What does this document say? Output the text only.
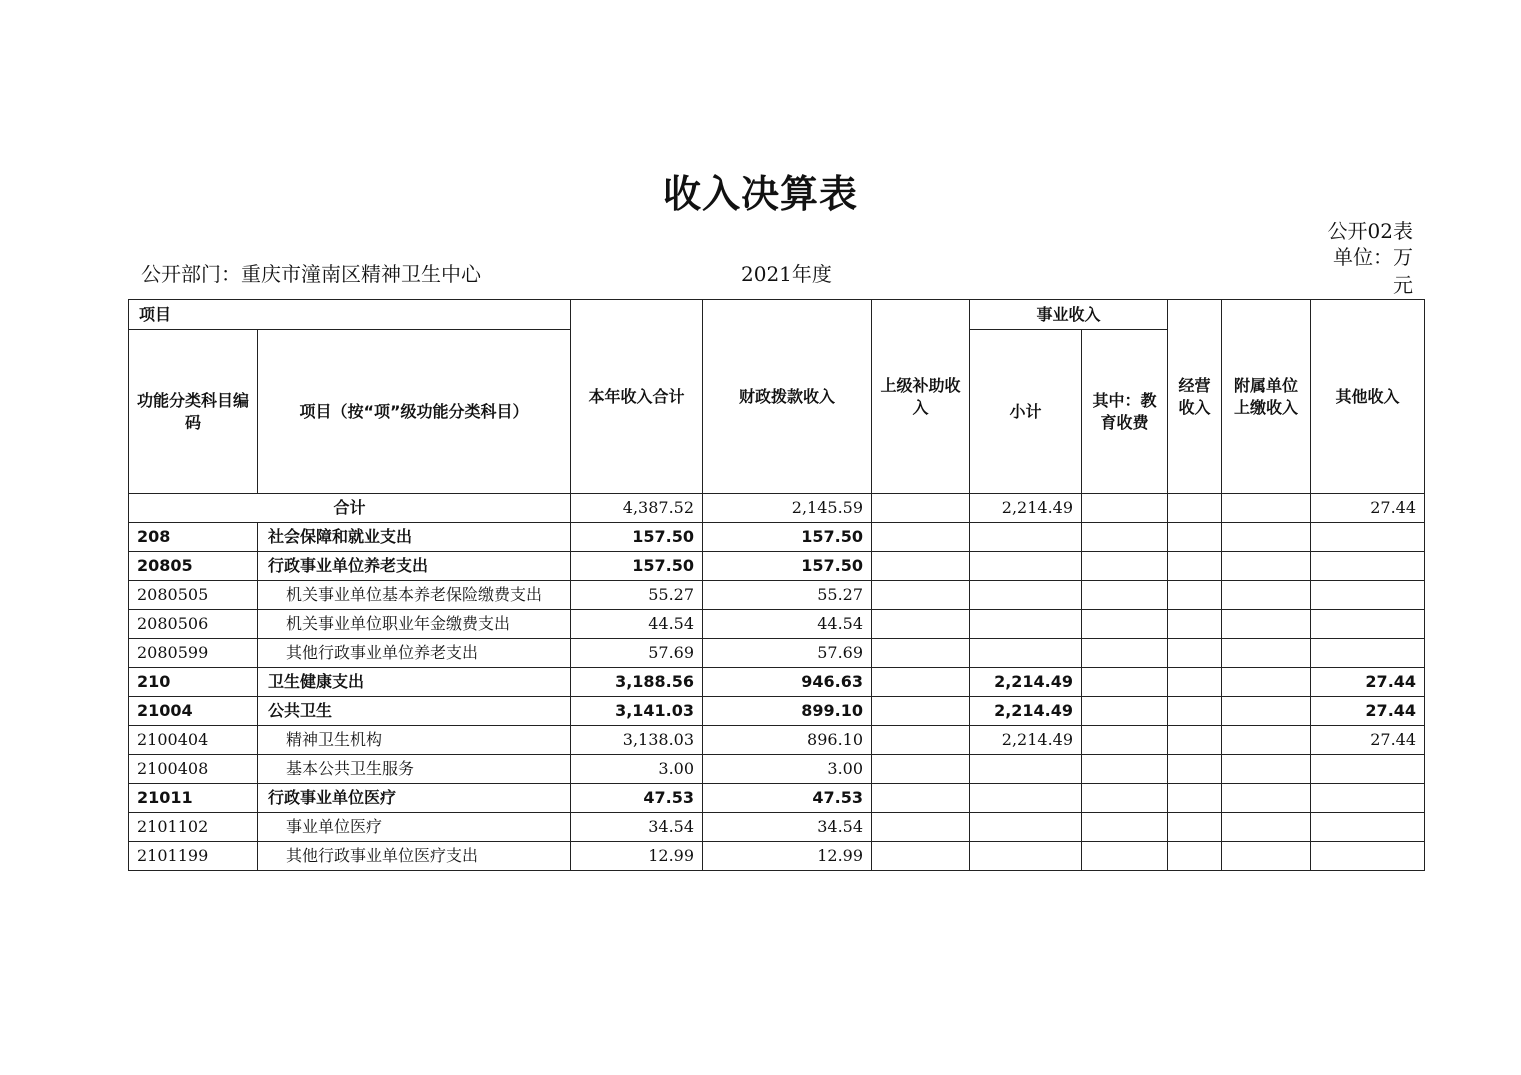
收入决算表
公开02表
单位：万元
公开部门：重庆市潼南区精神卫生中心	2021年度
项目		本年收入合计	财政拨款收入	上级补助收入	事业收入		经营收入	附属单位上缴收入	其他收入
功能分类科目编码	项目（按“项”级功能分类科目）				小计	其中：教育收费			

合计		4,387.52	2,145.59		2,214.49				27.44
208	社会保障和就业支出	157.50	157.50						
20805	行政事业单位养老支出	157.50	157.50						
2080505	机关事业单位基本养老保险缴费支出	55.27	55.27						
2080506	机关事业单位职业年金缴费支出	44.54	44.54						
2080599	其他行政事业单位养老支出	57.69	57.69						
210	卫生健康支出	3,188.56	946.63		2,214.49				27.44
21004	公共卫生	3,141.03	899.10		2,214.49				27.44
2100404	精神卫生机构	3,138.03	896.10		2,214.49				27.44
2100408	基本公共卫生服务	3.00	3.00						
21011	行政事业单位医疗	47.53	47.53						
2101102	事业单位医疗	34.54	34.54						
2101199	其他行政事业单位医疗支出	12.99	12.99						
